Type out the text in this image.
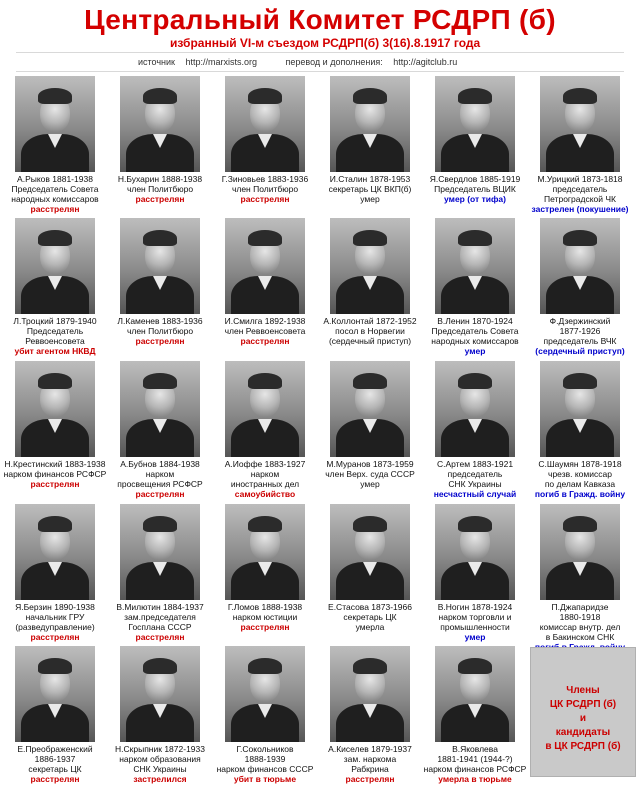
Центральный Комитет РСДРП (б)
избранный VI-м съездом РСДРП(б) 3(16).8.1917 года
источник http://marxists.org	перевод и дополнения: http://agitclub.ru
А.Рыков 1881-1938
Председатель Совета
народных комиссаров
расстрелян
Н.Бухарин 1888-1938
член Политбюро
расстрелян
Г.Зиновьев 1883-1936
член Политбюро
расстрелян
И.Сталин 1878-1953
секретарь ЦК ВКП(б)
умер
Я.Свердлов 1885-1919
Председатель ВЦИК
умер (от тифа)
М.Урицкий 1873-1818
председатель
Петроградской ЧК
застрелен (покушение)
Л.Троцкий 1879-1940
Председатель
Реввоенсовета
убит агентом НКВД
Л.Каменев 1883-1936
член Политбюро
расстрелян
И.Смилга 1892-1938
член Реввоенсовета
расстрелян
А.Коллонтай 1872-1952
посол в Норвегии
(сердечный приступ)
В.Ленин 1870-1924
Председатель Совета
народных комиссаров
умер
Ф.Дзержинский
1877-1926
председатель ВЧК
(сердечный приступ)
Н.Крестинский 1883-1938
нарком финансов РСФСР
расстрелян
А.Бубнов 1884-1938
нарком
просвещения РСФСР
расстрелян
А.Иоффе 1883-1927
нарком
иностранных дел
самоубийство
М.Муранов 1873-1959
член Верх. суда СССР
умер
С.Артем 1883-1921
председатель
СНК Украины
несчастный случай
С.Шаумян 1878-1918
чрезв. комиссар
по делам Кавказа
погиб в Гражд. войну
Я.Берзин 1890-1938
начальник ГРУ
(разведуправление)
расстрелян
В.Милютин 1884-1937
зам.председателя
Госплана СССР
расстрелян
Г.Ломов 1888-1938
нарком юстиции
расстрелян
Е.Стасова 1873-1966
секретарь ЦК
умерла
В.Ногин 1878-1924
нарком торговли и
промышленности
умер
П.Джапаридзе
1880-1918
комиссар внутр. дел
в Бакинском СНК
Е.Преображенский
1886-1937
секретарь ЦК
расстрелян
Н.Скрыпник 1872-1933
нарком образования
СНК Украины
застрелился
Г.Сокольников
1888-1939
нарком финансов СССР
убит в тюрьме
А.Киселев 1879-1937
зам. наркома
Рабкрина
расстрелян
В.Яковлева
1881-1941 (1944-?)
нарком финансов РСФСР
умерла в тюрьме
Члены
ЦК РСДРП (б)
и
кандидаты
в ЦК РСДРП (б)
